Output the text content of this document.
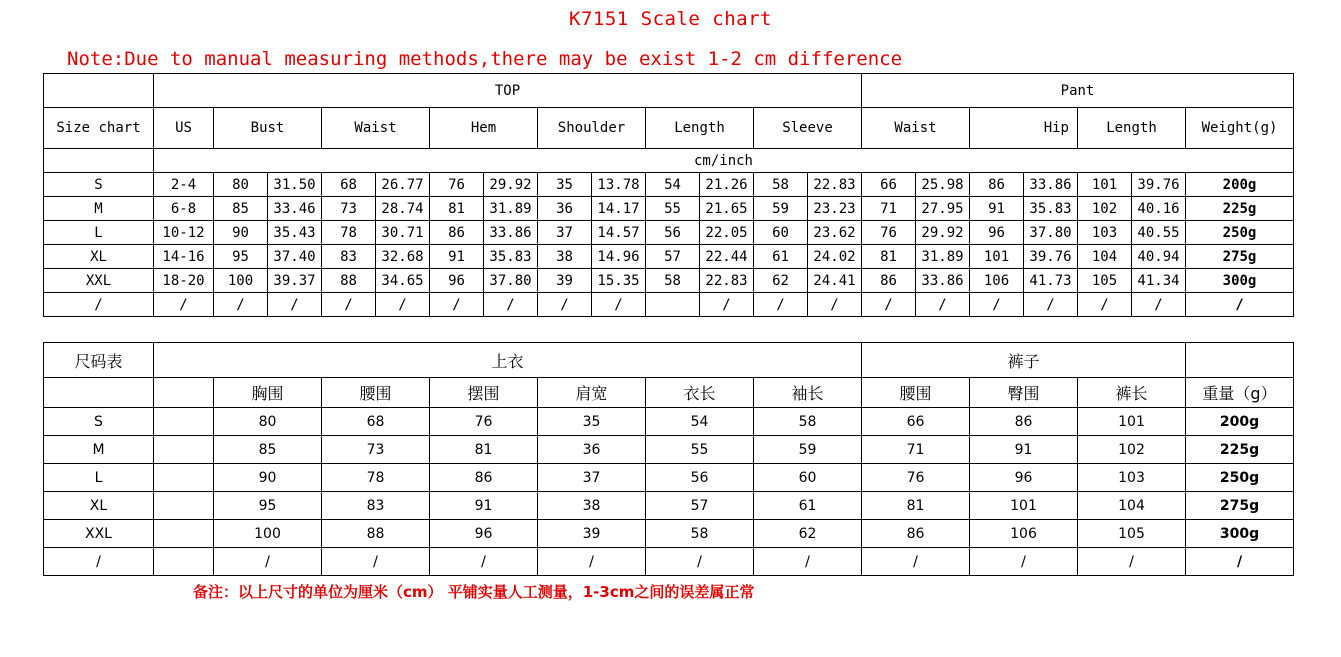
K7151 Scale chart
Note:Due to manual measuring methods,there may be exist 1-2 cm difference
	TOP													Pant						
Size chart	US	Bust		Waist		Hem		Shoulder		Length		Sleeve		Waist		Hip		Length		Weight(g)
	cm/inch																			
S	2-4	80	31.50	68	26.77	76	29.92	35	13.78	54	21.26	58	22.83	66	25.98	86	33.86	101	39.76	200g
M	6-8	85	33.46	73	28.74	81	31.89	36	14.17	55	21.65	59	23.23	71	27.95	91	35.83	102	40.16	225g
L	10-12	90	35.43	78	30.71	86	33.86	37	14.57	56	22.05	60	23.62	76	29.92	96	37.80	103	40.55	250g
XL	14-16	95	37.40	83	32.68	91	35.83	38	14.96	57	22.44	61	24.02	81	31.89	101	39.76	104	40.94	275g
XXL	18-20	100	39.37	88	34.65	96	37.80	39	15.35	58	22.83	62	24.41	86	33.86	106	41.73	105	41.34	300g
/	/	/	/	/	/	/	/	/	/		/	/	/	/	/	/	/	/	/	/
尺码表	上衣							裤子			
		胸围	腰围	摆围	肩宽	衣长	袖长	腰围	臀围	裤长	重量（g）
S		80	68	76	35	54	58	66	86	101	200g
M		85	73	81	36	55	59	71	91	102	225g
L		90	78	86	37	56	60	76	96	103	250g
XL		95	83	91	38	57	61	81	101	104	275g
XXL		100	88	96	39	58	62	86	106	105	300g
/		/	/	/	/	/	/	/	/	/	/
备注：以上尺寸的单位为厘米（cm） 平铺实量人工测量，1-3cm之间的误差属正常
